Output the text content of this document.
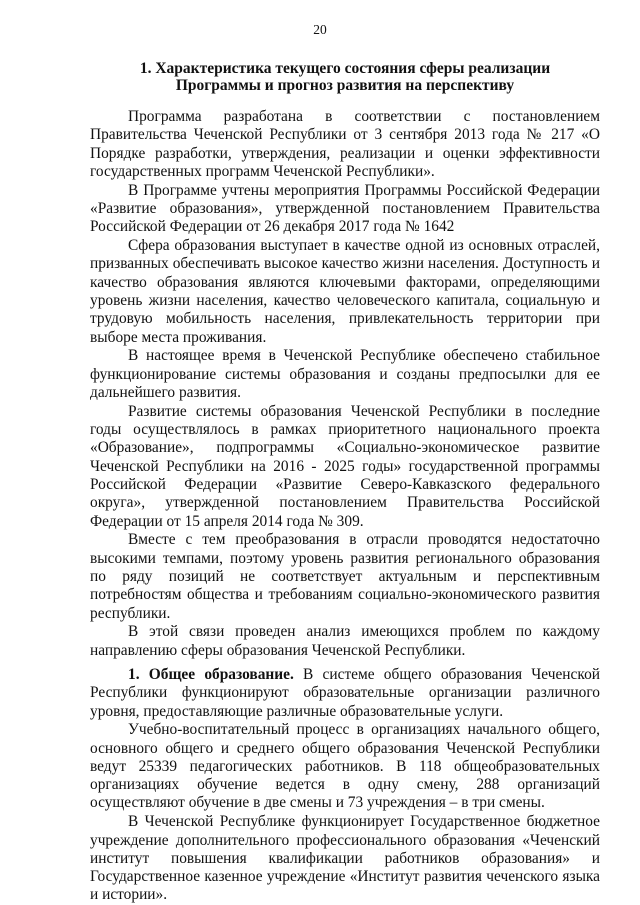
20
1. Характеристика текущего состояния сферы реализации
Программы и прогноз развития на перспективу

Программа разработана в соответствии с постановлением Правительства Чеченской Республики от 3 сентября 2013 года № 217 «О Порядке разработки, утверждения, реализации и оценки эффективности государственных программ Чеченской Республики».

В Программе учтены мероприятия Программы Российской Федерации «Развитие образования», утвержденной постановлением Правительства Российской Федерации от 26 декабря 2017 года № 1642

Сфера образования выступает в качестве одной из основных отраслей, призванных обеспечивать высокое качество жизни населения. Доступность и качество образования являются ключевыми факторами, определяющими уровень жизни населения, качество человеческого капитала, социальную и трудовую мобильность населения, привлекательность территории при выборе места проживания.

В настоящее время в Чеченской Республике обеспечено стабильное функционирование системы образования и созданы предпосылки для ее дальнейшего развития.

Развитие системы образования Чеченской Республики в последние годы осуществлялось в рамках приоритетного национального проекта «Образование», подпрограммы «Социально-экономическое развитие Чеченской Республики на 2016 - 2025 годы» государственной программы Российской Федерации «Развитие Северо-Кавказского федерального округа», утвержденной постановлением Правительства Российской Федерации от 15 апреля 2014 года № 309.

Вместе с тем преобразования в отрасли проводятся недостаточно высокими темпами, поэтому уровень развития регионального образования по ряду позиций не соответствует актуальным и перспективным потребностям общества и требованиям социально-экономического развития республики.

В этой связи проведен анализ имеющихся проблем по каждому направлению сферы образования Чеченской Республики.

1. Общее образование. В системе общего образования Чеченской Республики функционируют образовательные организации различного уровня, предоставляющие различные образовательные услуги.

Учебно-воспитательный процесс в организациях начального общего, основного общего и среднего общего образования Чеченской Республики ведут 25339 педагогических работников. В 118 общеобразовательных организациях обучение ведется в одну смену, 288 организаций осуществляют обучение в две смены и 73 учреждения – в три смены.

В Чеченской Республике функционирует Государственное бюджетное учреждение дополнительного профессионального образования «Чеченский институт повышения квалификации работников образования» и Государственное казенное учреждение «Институт развития чеченского языка и истории».
